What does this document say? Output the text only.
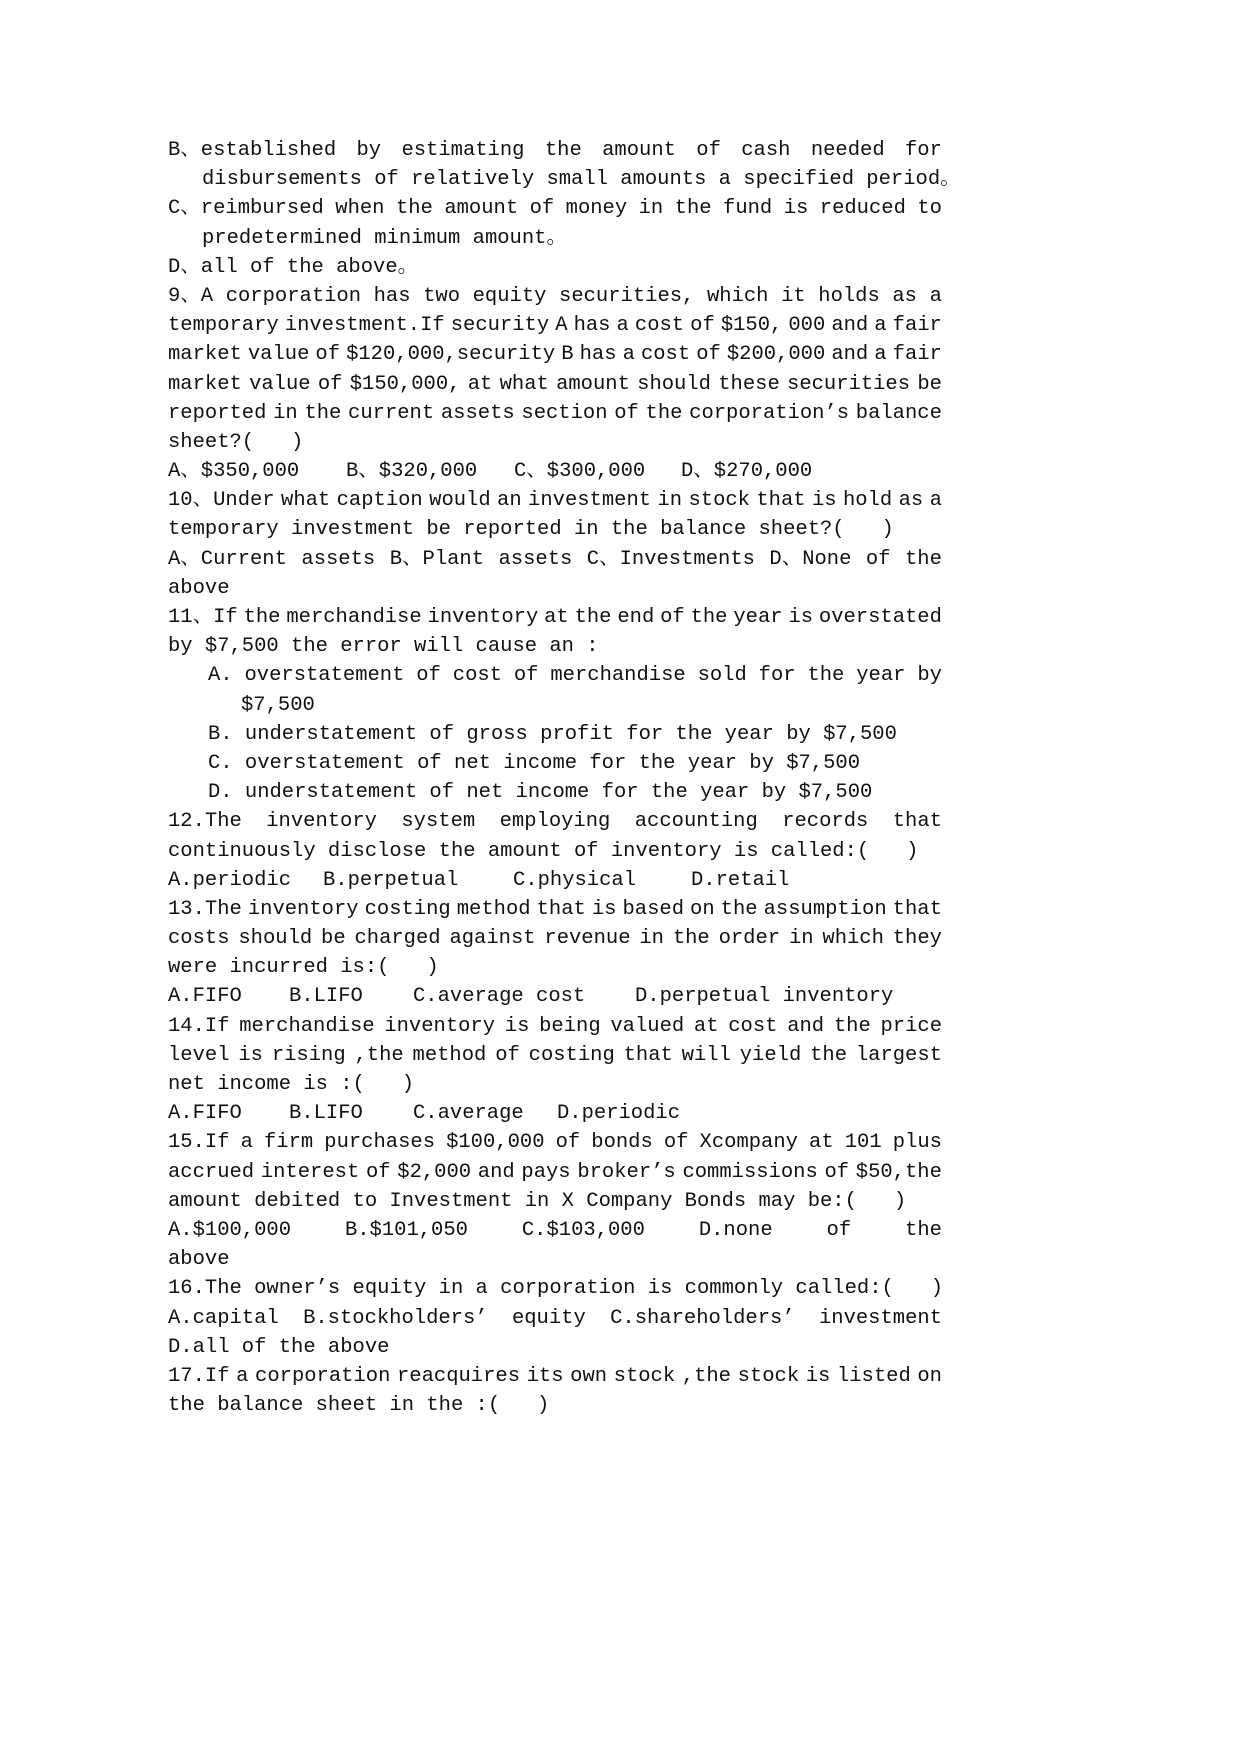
B、established by estimating the amount of cash needed for
disbursements of relatively small amounts a specified period。
C、reimbursed when the amount of money in the fund is reduced to
predetermined minimum amount。
D、all of the above。
9、A corporation has two equity securities, which it holds as a
temporary investment.If security A has a cost of $150, 000 and a fair
market value of $120,000,security B has a cost of $200,000 and a fair
market value of $150,000, at what amount should these securities be
reported in the current assets section of the corporation’s balance
sheet?(   )
A、$350,000	B、$320,000	C、$300,000	D、$270,000
10、Under what caption would an investment in stock that is hold as a
temporary investment be reported in the balance sheet?(   )
A、Current assets B、Plant assets C、Investments D、None of the
above
11、If the merchandise inventory at the end of the year is overstated
by $7,500 the error will cause an :
A. overstatement of cost of merchandise sold for the year by
$7,500
B. understatement of gross profit for the year by $7,500
C. overstatement of net income for the year by $7,500
D. understatement of net income for the year by $7,500
12.The inventory system employing accounting records that
continuously disclose the amount of inventory is called:(   )
A.periodic	B.perpetual	C.physical	D.retail
13.The inventory costing method that is based on the assumption that
costs should be charged against revenue in the order in which they
were incurred is:(   )
A.FIFO	B.LIFO	C.average cost	D.perpetual inventory
14.If merchandise inventory is being valued at cost and the price
level is rising ,the method of costing that will yield the largest
net income is :(   )
A.FIFO	B.LIFO	C.average	D.periodic
15.If a firm purchases $100,000 of bonds of Xcompany at 101 plus
accrued interest of $2,000 and pays broker’s commissions of $50,the
amount debited to Investment in X Company Bonds may be:(   )
A.$100,000	B.$101,050	C.$103,000	D.none	of	the
above
16.The owner’s equity in a corporation is commonly called:(   )
A.capital B.stockholders’ equity C.shareholders’ investment
D.all of the above
17.If a corporation reacquires its own stock ,the stock is listed on
the balance sheet in the :(   )
